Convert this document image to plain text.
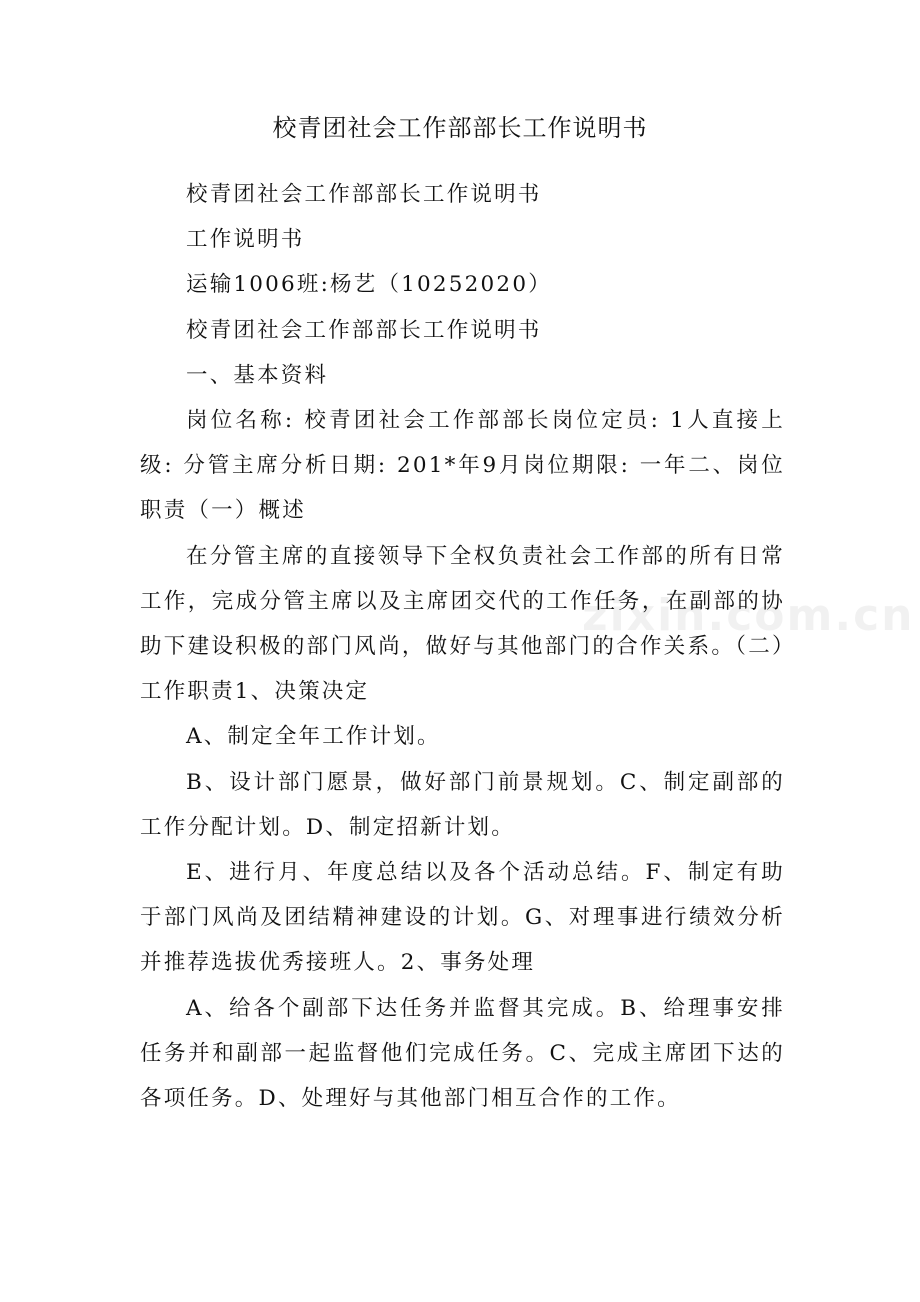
校青团社会工作部部长工作说明书

校青团社会工作部部长工作说明书

工作说明书

运输1006班:杨艺（10252020）

校青团社会工作部部长工作说明书

一、基本资料

岗位名称: 校青团社会工作部部长岗位定员: 1人直接上级: 分管主席分析日期: 201*年9月岗位期限: 一年二、岗位职责（一）概述

在分管主席的直接领导下全权负责社会工作部的所有日常工作，完成分管主席以及主席团交代的工作任务，在副部的协助下建设积极的部门风尚，做好与其他部门的合作关系。（二）工作职责1、决策决定

A、制定全年工作计划。

B、设计部门愿景，做好部门前景规划。C、制定副部的工作分配计划。D、制定招新计划。

E、进行月、年度总结以及各个活动总结。F、制定有助于部门风尚及团结精神建设的计划。G、对理事进行绩效分析并推荐选拔优秀接班人。2、事务处理

A、给各个副部下达任务并监督其完成。B、给理事安排任务并和副部一起监督他们完成任务。C、完成主席团下达的各项任务。D、处理好与其他部门相互合作的工作。

zixin.com.cn
